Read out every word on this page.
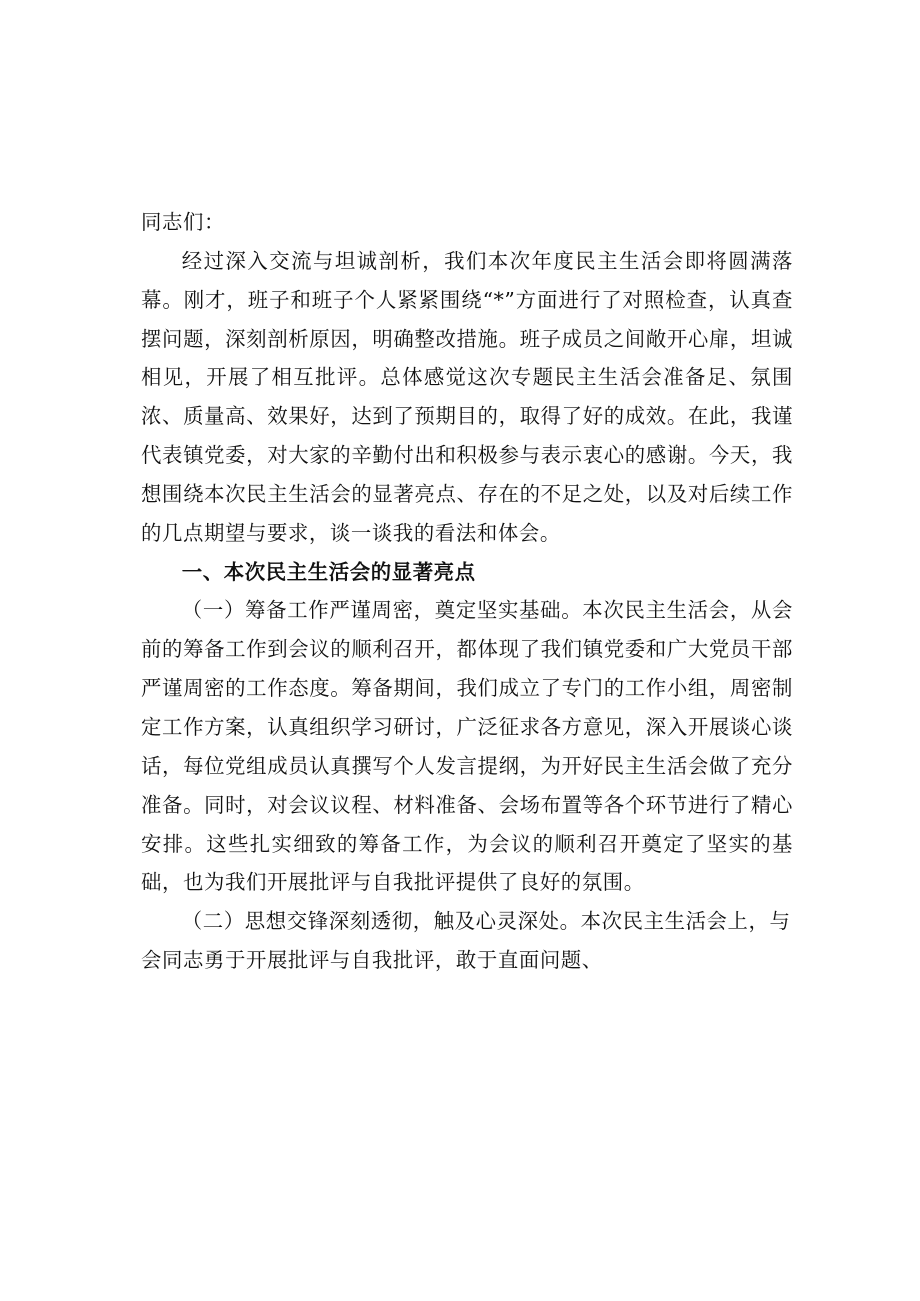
同志们：

经过深入交流与坦诚剖析，我们本次年度民主生活会即将圆满落幕。刚才，班子和班子个人紧紧围绕“*”方面进行了对照检查，认真查摆问题，深刻剖析原因，明确整改措施。班子成员之间敞开心扉，坦诚相见，开展了相互批评。总体感觉这次专题民主生活会准备足、氛围浓、质量高、效果好，达到了预期目的，取得了好的成效。在此，我谨代表镇党委，对大家的辛勤付出和积极参与表示衷心的感谢。今天，我想围绕本次民主生活会的显著亮点、存在的不足之处，以及对后续工作的几点期望与要求，谈一谈我的看法和体会。

一、本次民主生活会的显著亮点

（一）筹备工作严谨周密，奠定坚实基础。本次民主生活会，从会前的筹备工作到会议的顺利召开，都体现了我们镇党委和广大党员干部严谨周密的工作态度。筹备期间，我们成立了专门的工作小组，周密制定工作方案，认真组织学习研讨，广泛征求各方意见，深入开展谈心谈话，每位党组成员认真撰写个人发言提纲，为开好民主生活会做了充分准备。同时，对会议议程、材料准备、会场布置等各个环节进行了精心安排。这些扎实细致的筹备工作，为会议的顺利召开奠定了坚实的基础，也为我们开展批评与自我批评提供了良好的氛围。

（二）思想交锋深刻透彻，触及心灵深处。本次民主生活会上，与会同志勇于开展批评与自我批评，敢于直面问题、
